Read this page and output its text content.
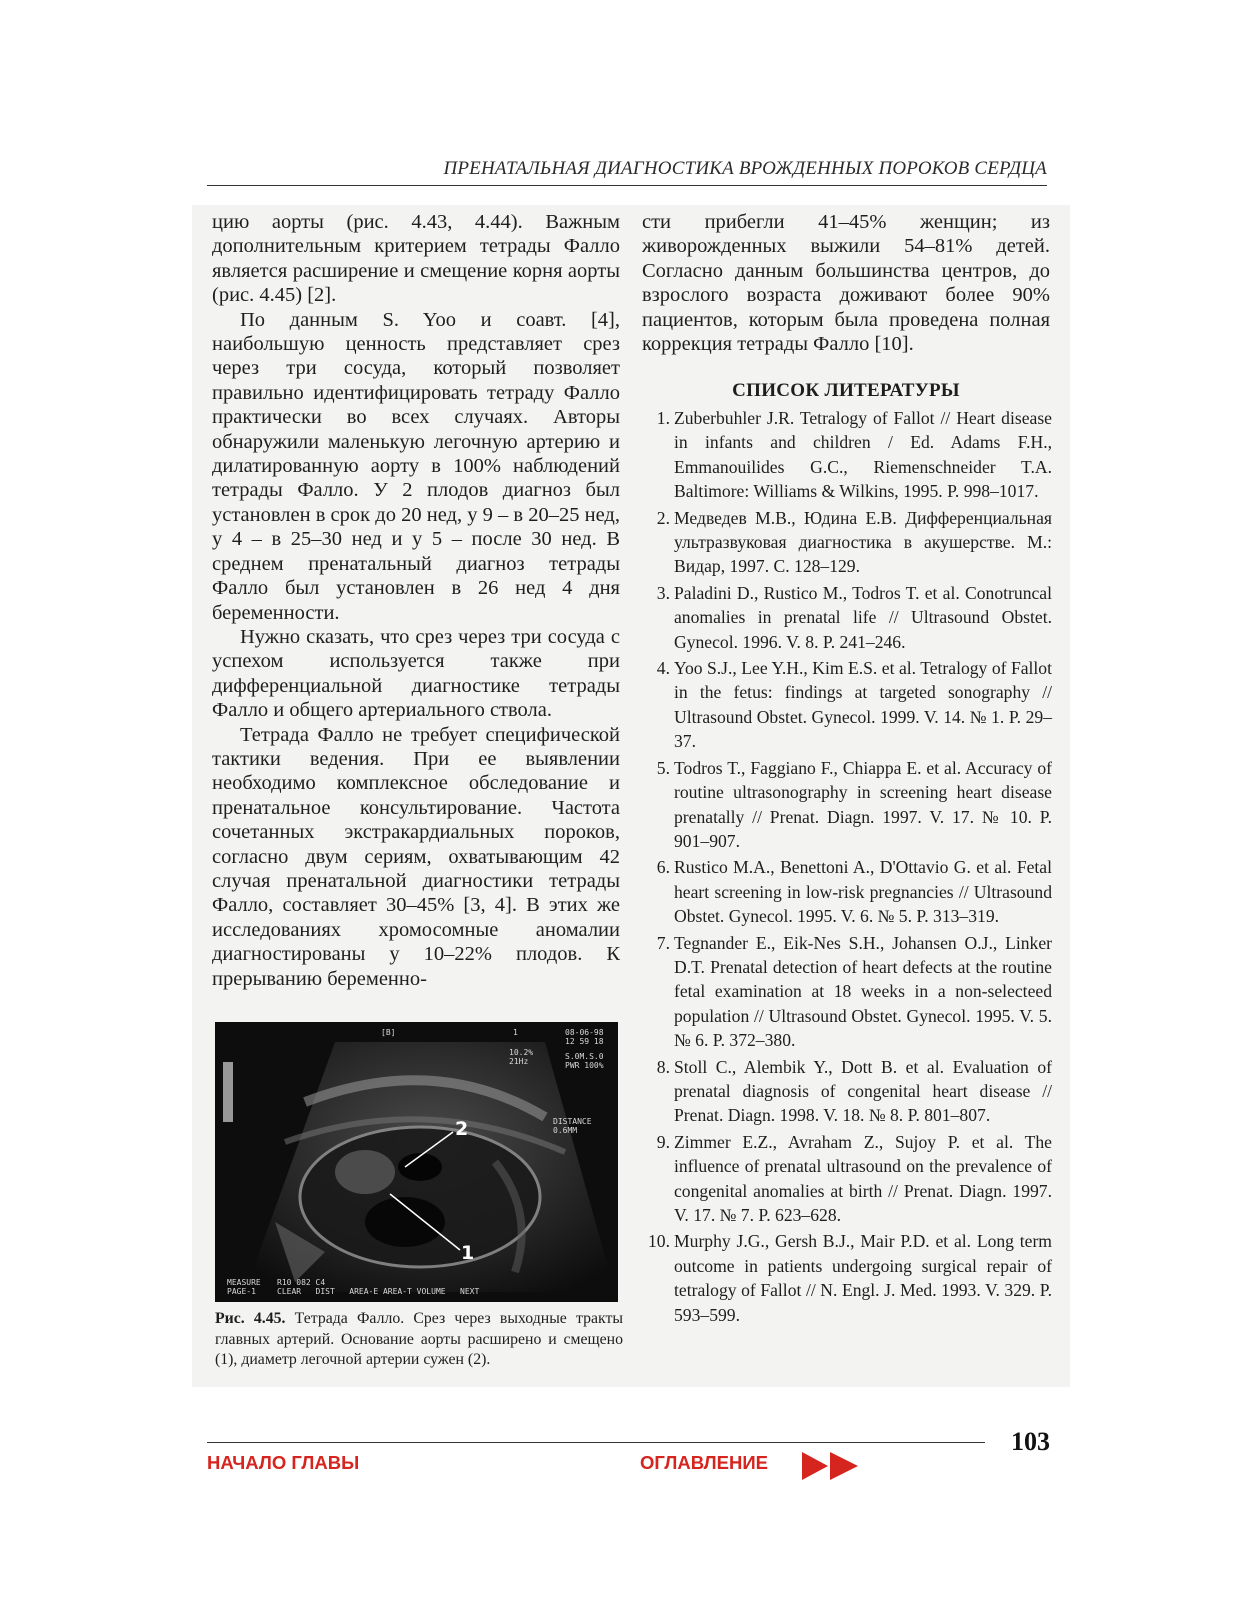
ПРЕНАТАЛЬНАЯ ДИАГНОСТИКА ВРОЖДЕННЫХ ПОРОКОВ СЕРДЦА

цию аорты (рис. 4.43, 4.44). Важным дополнительным критерием тетрады Фалло является расширение и смещение корня аорты (рис. 4.45) [2].

По данным S. Yoo и соавт. [4], наибольшую ценность представляет срез через три сосуда, который позволяет правильно идентифицировать тетраду Фалло практически во всех случаях. Авторы обнаружили маленькую легочную артерию и дилатированную аорту в 100% наблюдений тетрады Фалло. У 2 плодов диагноз был установлен в срок до 20 нед, у 9 – в 20–25 нед, у 4 – в 25–30 нед и у 5 – после 30 нед. В среднем пренатальный диагноз тетрады Фалло был установлен в 26 нед 4 дня беременности.

Нужно сказать, что срез через три сосуда с успехом используется также при дифференциальной диагностике тетрады Фалло и общего артериального ствола.

Тетрада Фалло не требует специфической тактики ведения. При ее выявлении необходимо комплексное обследование и пренатальное консультирование. Частота сочетанных экстракардиальных пороков, согласно двум сериям, охватывающим 42 случая пренатальной диагностики тетрады Фалло, составляет 30–45% [3, 4]. В этих же исследованиях хромосомные аномалии диагностированы у 10–22% плодов. К прерыванию беременно-

сти прибегли 41–45% женщин; из живорожденных выжили 54–81% детей. Согласно данным большинства центров, до взрослого возраста доживают более 90% пациентов, которым была проведена полная коррекция тетрады Фалло [10].

СПИСОК ЛИТЕРАТУРЫ
1. Zuberbuhler J.R. Tetralogy of Fallot // Heart disease in infants and children / Ed. Adams F.H., Emmanouilides G.C., Riemenschneider T.A. Baltimore: Williams & Wilkins, 1995. P. 998–1017.
2. Медведев М.В., Юдина Е.В. Дифференциальная ультразвуковая диагностика в акушерстве. М.: Видар, 1997. С. 128–129.
3. Paladini D., Rustico M., Todros T. et al. Conotruncal anomalies in prenatal life // Ultrasound Obstet. Gynecol. 1996. V. 8. P. 241–246.
4. Yoo S.J., Lee Y.H., Kim E.S. et al. Tetralogy of Fallot in the fetus: findings at targeted sonography // Ultrasound Obstet. Gynecol. 1999. V. 14. № 1. P. 29–37.
5. Todros T., Faggiano F., Chiappa E. et al. Accuracy of routine ultrasonography in screening heart disease prenatally // Prenat. Diagn. 1997. V. 17. № 10. P. 901–907.
6. Rustico M.A., Benettoni A., D'Ottavio G. et al. Fetal heart screening in low-risk pregnancies // Ultrasound Obstet. Gynecol. 1995. V. 6. № 5. P. 313–319.
7. Tegnander E., Eik-Nes S.H., Johansen O.J., Linker D.T. Prenatal detection of heart defects at the routine fetal examination at 18 weeks in a non-selecteed population // Ultrasound Obstet. Gynecol. 1995. V. 5. № 6. P. 372–380.
8. Stoll C., Alembik Y., Dott B. et al. Evaluation of prenatal diagnosis of congenital heart disease // Prenat. Diagn. 1998. V. 18. № 8. P. 801–807.
9. Zimmer E.Z., Avraham Z., Sujoy P. et al. The influence of prenatal ultrasound on the prevalence of congenital anomalies at birth // Prenat. Diagn. 1997. V. 17. № 7. P. 623–628.
10. Murphy J.G., Gersh B.J., Mair P.D. et al. Long term outcome in patients undergoing surgical repair of tetralogy of Fallot // N. Engl. J. Med. 1993. V. 329. P. 593–599.
2
1
[B]	1	08-06-98
12 59 18
10.2%
21Hz
S.0M.S.0
PWR 100%
DISTANCE
0.6MM
MEASURE
PAGE-1
R10 082 C4
CLEAR   DIST   AREA-E AREA-T VOLUME   NEXT
Рис. 4.45. Тетрада Фалло. Срез через выходные тракты главных артерий. Основание аорты расширено и смещено (1), диаметр легочной артерии сужен (2).
103
НАЧАЛО ГЛАВЫ	ОГЛАВЛЕНИЕ
